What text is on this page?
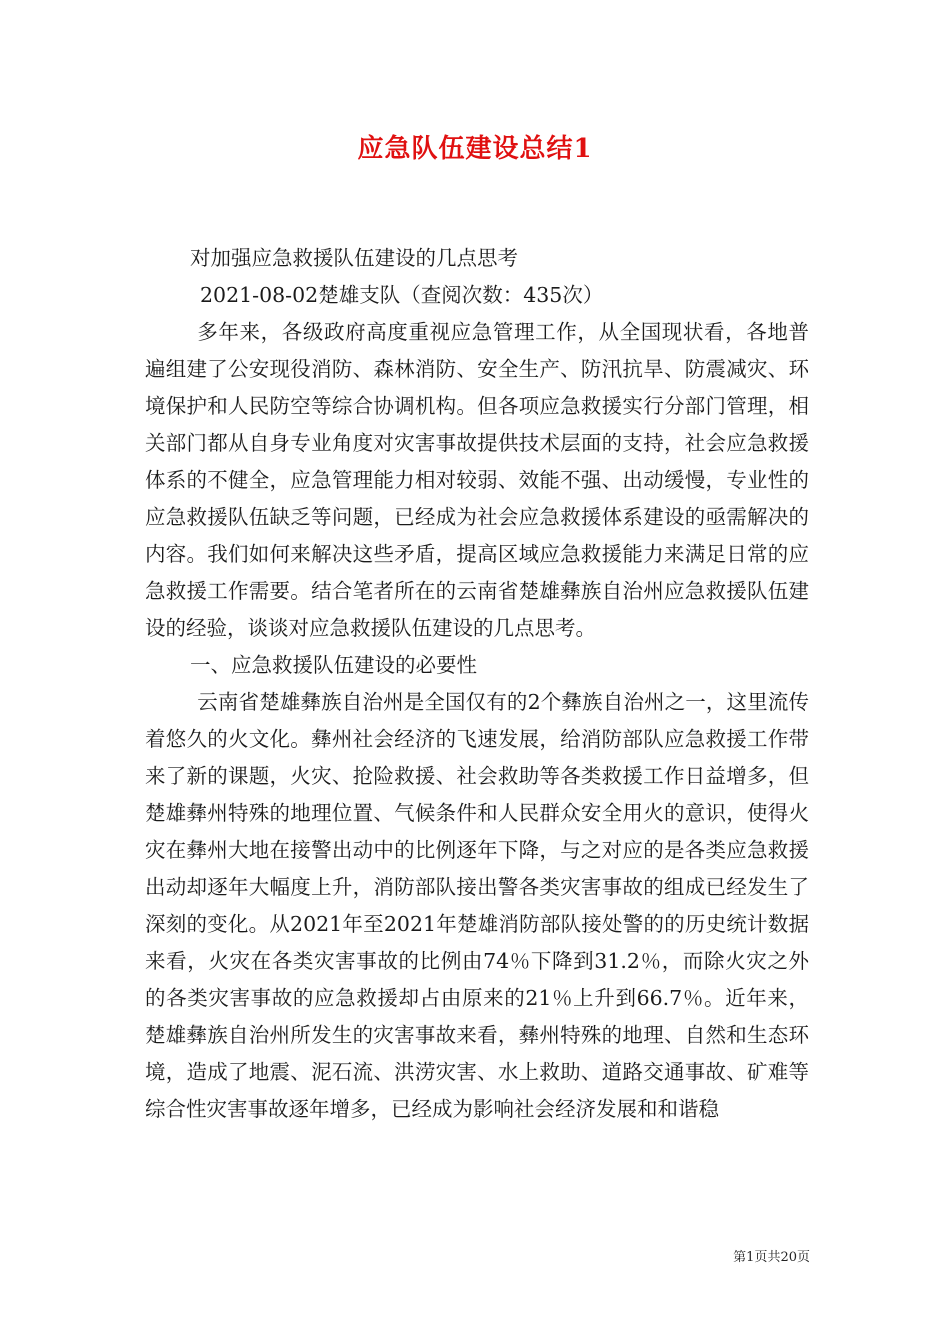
应急队伍建设总结1
对加强应急救援队伍建设的几点思考
2021-08-02楚雄支队（查阅次数：435次）

多年来，各级政府高度重视应急管理工作，从全国现状看，各地普遍组建了公安现役消防、森林消防、安全生产、防汛抗旱、防震减灾、环境保护和人民防空等综合协调机构。但各项应急救援实行分部门管理，相关部门都从自身专业角度对灾害事故提供技术层面的支持，社会应急救援体系的不健全，应急管理能力相对较弱、效能不强、出动缓慢，专业性的应急救援队伍缺乏等问题，已经成为社会应急救援体系建设的亟需解决的内容。我们如何来解决这些矛盾，提高区域应急救援能力来满足日常的应急救援工作需要。结合笔者所在的云南省楚雄彝族自治州应急救援队伍建设的经验，谈谈对应急救援队伍建设的几点思考。

一、应急救援队伍建设的必要性

云南省楚雄彝族自治州是全国仅有的2个彝族自治州之一，这里流传着悠久的火文化。彝州社会经济的飞速发展，给消防部队应急救援工作带来了新的课题，火灾、抢险救援、社会救助等各类救援工作日益增多，但楚雄彝州特殊的地理位置、气候条件和人民群众安全用火的意识，使得火灾在彝州大地在接警出动中的比例逐年下降，与之对应的是各类应急救援出动却逐年大幅度上升，消防部队接出警各类灾害事故的组成已经发生了深刻的变化。从2021年至2021年楚雄消防部队接处警的的历史统计数据来看，火灾在各类灾害事故的比例由74％下降到31.2％，而除火灾之外的各类灾害事故的应急救援却占由原来的21％上升到66.7％。近年来，楚雄彝族自治州所发生的灾害事故来看，彝州特殊的地理、自然和生态环境，造成了地震、泥石流、洪涝灾害、水上救助、道路交通事故、矿难等综合性灾害事故逐年增多，已经成为影响社会经济发展和和谐稳

第1页共20页
